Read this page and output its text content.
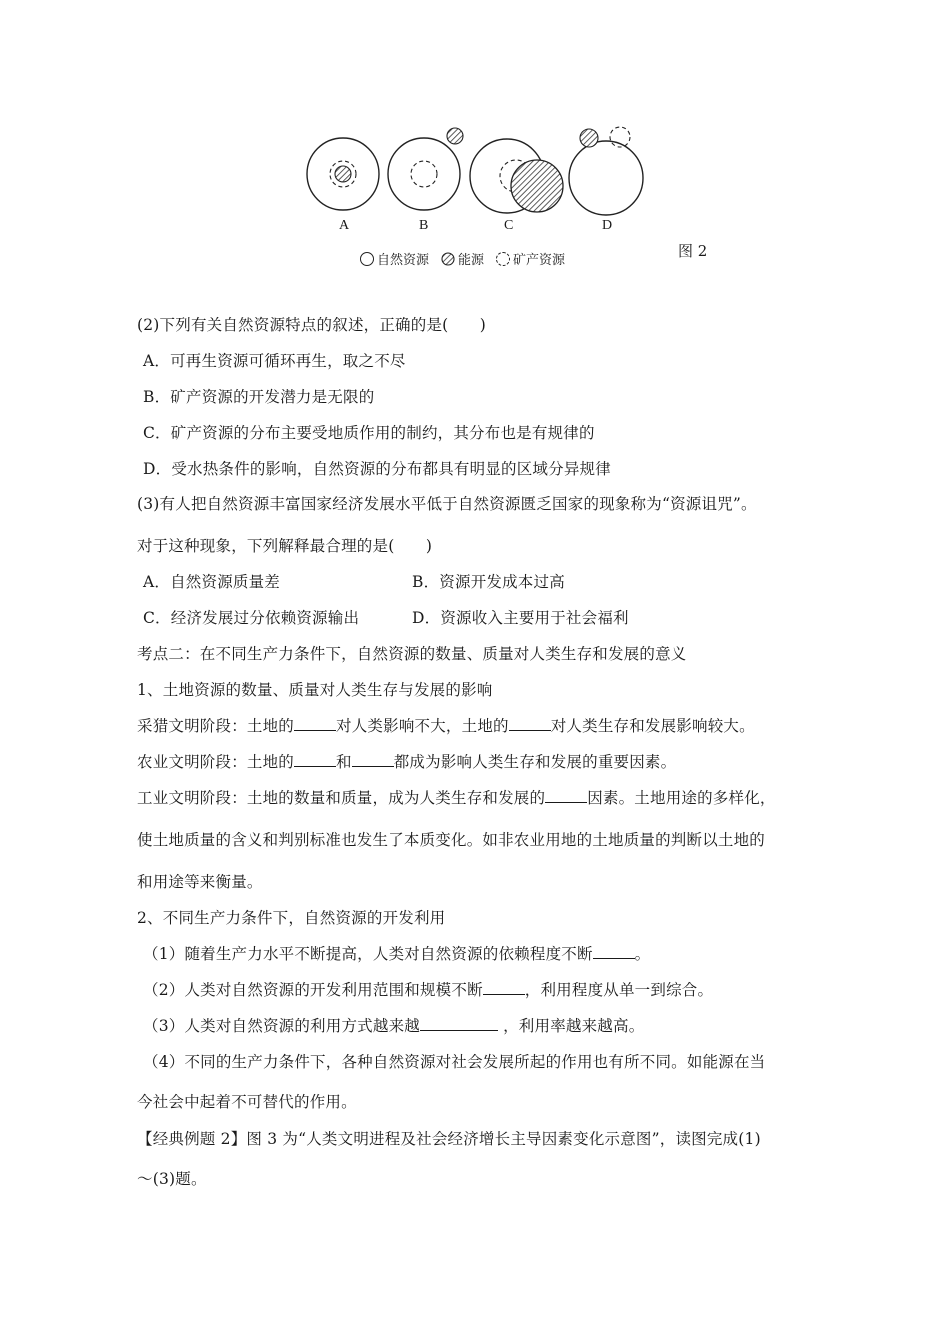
A	B	C	D
自然资源 能源 矿产资源
图 2
(2)下列有关自然资源特点的叙述，正确的是(　　)
A．可再生资源可循环再生，取之不尽
B．矿产资源的开发潜力是无限的
C．矿产资源的分布主要受地质作用的制约，其分布也是有规律的
D．受水热条件的影响，自然资源的分布都具有明显的区域分异规律
(3)有人把自然资源丰富国家经济发展水平低于自然资源匮乏国家的现象称为“资源诅咒”。
对于这种现象，下列解释最合理的是(　　)
A．自然资源质量差	B．资源开发成本过高
C．经济发展过分依赖资源输出	D．资源收入主要用于社会福利
考点二：在不同生产力条件下，自然资源的数量、质量对人类生存和发展的意义
1、土地资源的数量、质量对人类生存与发展的影响
采猎文明阶段：土地的	对人类影响不大，土地的	对人类生存和发展影响较大。
农业文明阶段：土地的	和	都成为影响人类生存和发展的重要因素。
工业文明阶段：土地的数量和质量，成为人类生存和发展的	因素。土地用途的多样化，
使土地质量的含义和判别标准也发生了本质变化。如非农业用地的土地质量的判断以土地的
和用途等来衡量。
2、不同生产力条件下，自然资源的开发利用
（1）随着生产力水平不断提高，人类对自然资源的依赖程度不断	。
（2）人类对自然资源的开发利用范围和规模不断	，利用程度从单一到综合。
（3）人类对自然资源的利用方式越来越	，利用率越来越高。
（4）不同的生产力条件下，各种自然资源对社会发展所起的作用也有所不同。如能源在当
今社会中起着不可替代的作用。
【经典例题 2】图 3 为“人类文明进程及社会经济增长主导因素变化示意图”，读图完成(1)
～(3)题。
